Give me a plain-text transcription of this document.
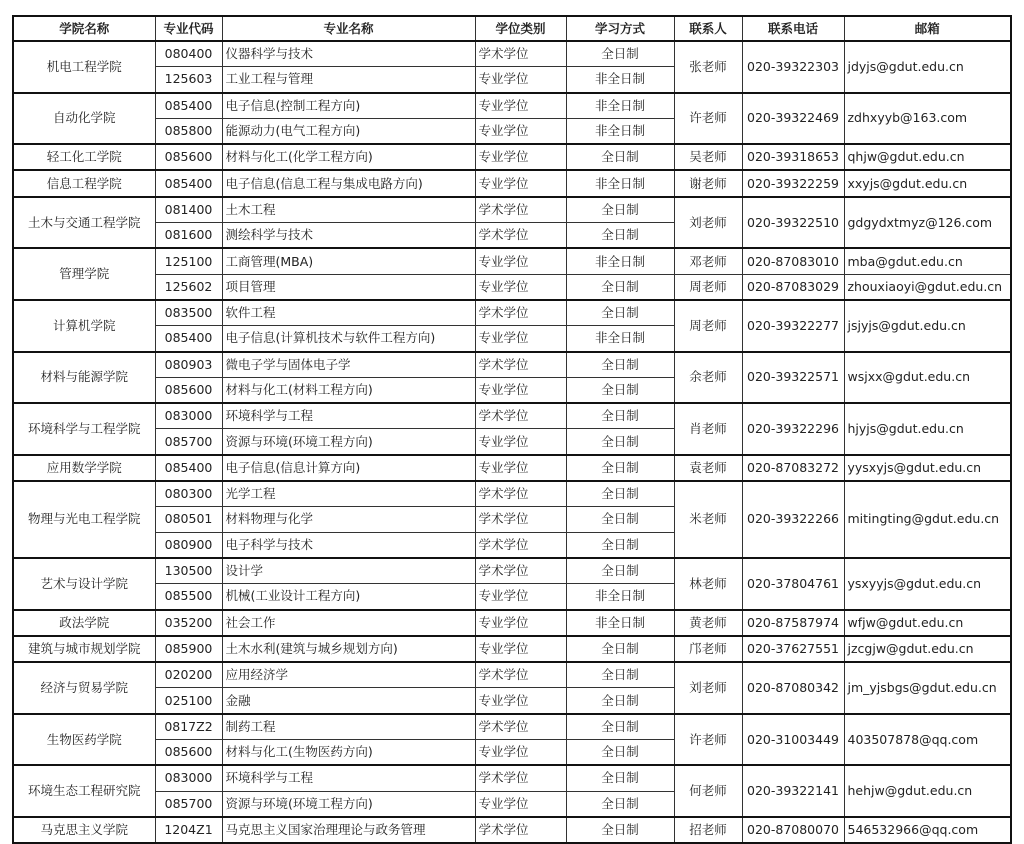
学院名称	专业代码	专业名称	学位类别	学习方式	联系人	联系电话	邮箱
机电工程学院	080400	仪器科学与技术	学术学位	全日制	张老师	020-39322303	jdyjs@gdut.edu.cn
	125603	工业工程与管理	专业学位	非全日制			
自动化学院	085400	电子信息(控制工程方向)	专业学位	非全日制	许老师	020-39322469	zdhxyyb@163.com
	085800	能源动力(电气工程方向)	专业学位	非全日制			
轻工化工学院	085600	材料与化工(化学工程方向)	专业学位	全日制	吴老师	020-39318653	qhjw@gdut.edu.cn
信息工程学院	085400	电子信息(信息工程与集成电路方向)	专业学位	非全日制	谢老师	020-39322259	xxyjs@gdut.edu.cn
土木与交通工程学院	081400	土木工程	学术学位	全日制	刘老师	020-39322510	gdgydxtmyz@126.com
	081600	测绘科学与技术	学术学位	全日制			
管理学院	125100	工商管理(MBA)	专业学位	非全日制	邓老师	020-87083010	mba@gdut.edu.cn
	125602	项目管理	专业学位	全日制	周老师	020-87083029	zhouxiaoyi@gdut.edu.cn
计算机学院	083500	软件工程	学术学位	全日制	周老师	020-39322277	jsjyjs@gdut.edu.cn
	085400	电子信息(计算机技术与软件工程方向)	专业学位	非全日制			
材料与能源学院	080903	微电子学与固体电子学	学术学位	全日制	余老师	020-39322571	wsjxx@gdut.edu.cn
	085600	材料与化工(材料工程方向)	专业学位	全日制			
环境科学与工程学院	083000	环境科学与工程	学术学位	全日制	肖老师	020-39322296	hjyjs@gdut.edu.cn
	085700	资源与环境(环境工程方向)	专业学位	全日制			
应用数学学院	085400	电子信息(信息计算方向)	专业学位	全日制	袁老师	020-87083272	yysxyjs@gdut.edu.cn
物理与光电工程学院	080300	光学工程	学术学位	全日制	米老师	020-39322266	mitingting@gdut.edu.cn
	080501	材料物理与化学	学术学位	全日制			
	080900	电子科学与技术	学术学位	全日制			
艺术与设计学院	130500	设计学	学术学位	全日制	林老师	020-37804761	ysxyyjs@gdut.edu.cn
	085500	机械(工业设计工程方向)	专业学位	非全日制			
政法学院	035200	社会工作	专业学位	非全日制	黄老师	020-87587974	wfjw@gdut.edu.cn
建筑与城市规划学院	085900	土木水利(建筑与城乡规划方向)	专业学位	全日制	邝老师	020-37627551	jzcgjw@gdut.edu.cn
经济与贸易学院	020200	应用经济学	学术学位	全日制	刘老师	020-87080342	jm_yjsbgs@gdut.edu.cn
	025100	金融	专业学位	全日制			
生物医药学院	0817Z2	制药工程	学术学位	全日制	许老师	020-31003449	403507878@qq.com
	085600	材料与化工(生物医药方向)	专业学位	全日制			
环境生态工程研究院	083000	环境科学与工程	学术学位	全日制	何老师	020-39322141	hehjw@gdut.edu.cn
	085700	资源与环境(环境工程方向)	专业学位	全日制			
马克思主义学院	1204Z1	马克思主义国家治理理论与政务管理	学术学位	全日制	招老师	020-87080070	546532966@qq.com
